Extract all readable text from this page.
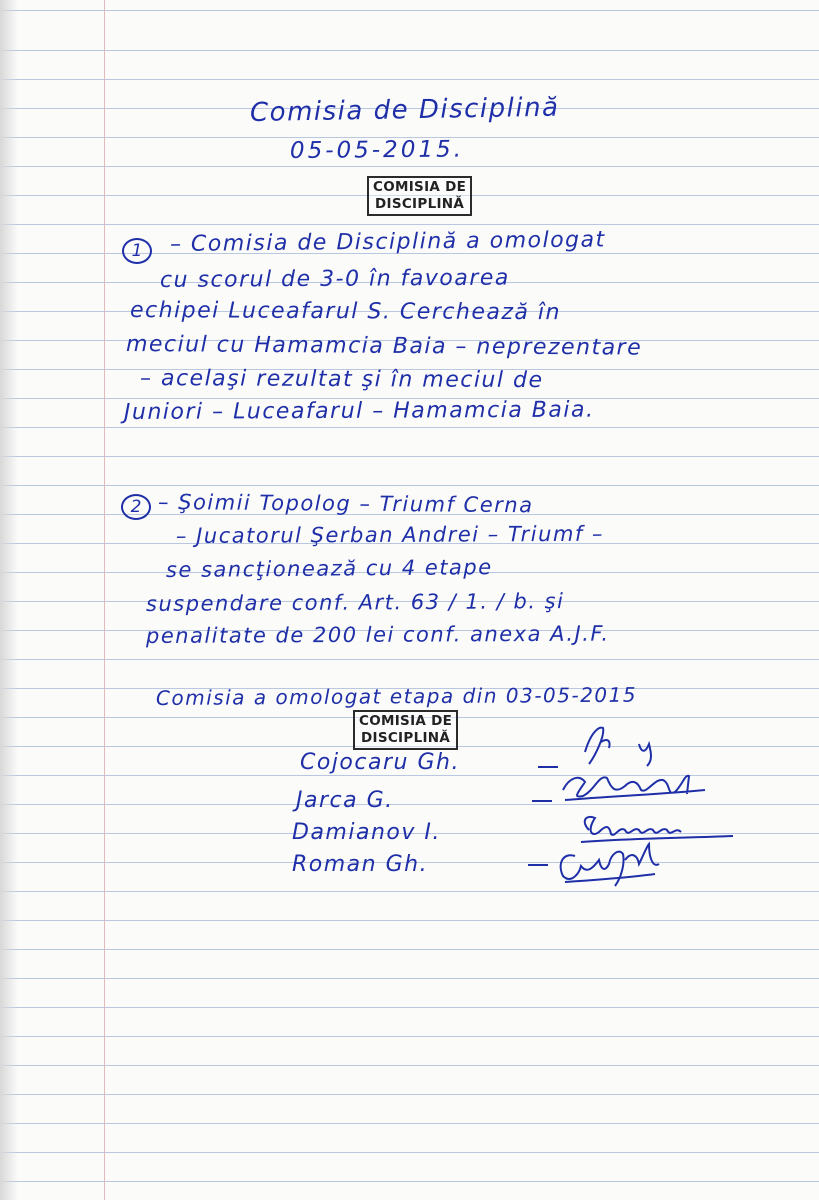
Comisia de Disciplină
05-05-2015.
COMISIA DE
DISCIPLINĂ
1	– Comisia de Disciplină a omologat
cu scorul de 3-0 în favoarea
echipei Luceafarul S. Cerchează în
meciul cu Hamamcia Baia – neprezentare
– acelaşi rezultat şi în meciul de
Juniori – Luceafarul – Hamamcia Baia.
2 – Şoimii Topolog – Triumf Cerna
– Jucatorul Şerban Andrei – Triumf –
se sancţionează cu 4 etape
suspendare conf. Art. 63 / 1. / b. şi
penalitate de 200 lei conf. anexa A.J.F.
Comisia a omologat etapa din 03-05-2015
COMISIA DE
DISCIPLINĂ
Cojocaru Gh.
Jarca G.
Damianov I.
Roman Gh.
